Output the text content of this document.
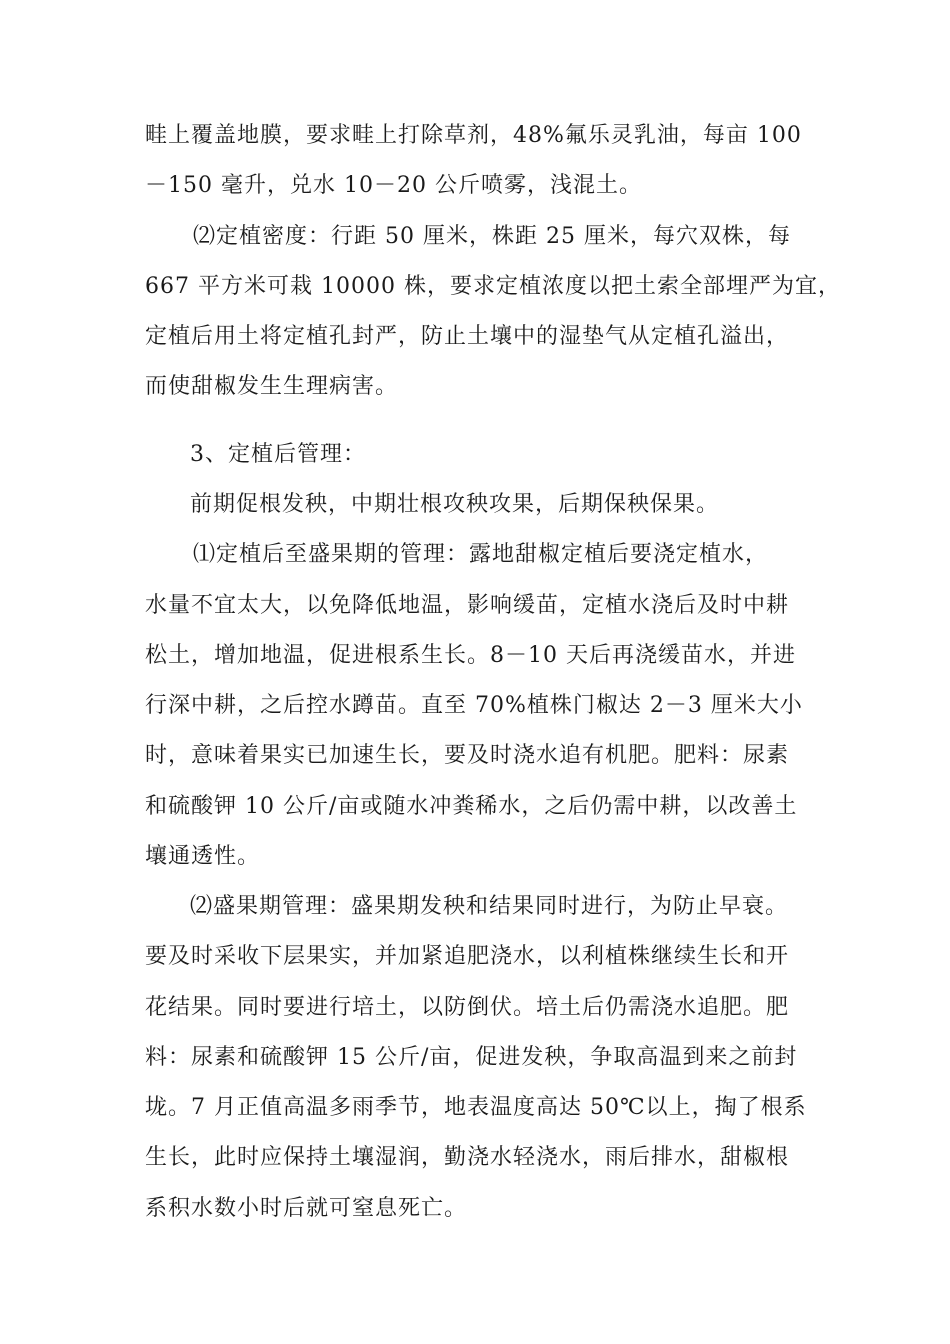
畦上覆盖地膜，要求畦上打除草剂，48%氟乐灵乳油，每亩 100
－150 毫升，兑水 10－20 公斤喷雾，浅混土。
⑵定植密度：行距 50 厘米，株距 25 厘米，每穴双株，每
667 平方米可栽 10000 株，要求定植浓度以把土索全部埋严为宜，
定植后用土将定植孔封严，防止土壤中的湿垫气从定植孔溢出，
而使甜椒发生生理病害。
3、定植后管理：
前期促根发秧，中期壮根攻秧攻果，后期保秧保果。
⑴定植后至盛果期的管理：露地甜椒定植后要浇定植水，
水量不宜太大，以免降低地温，影响缓苗，定植水浇后及时中耕
松土，增加地温，促进根系生长。8－10 天后再浇缓苗水，并进
行深中耕，之后控水蹲苗。直至 70%植株门椒达 2－3 厘米大小
时，意味着果实已加速生长，要及时浇水追有机肥。肥料：尿素
和硫酸钾 10 公斤/亩或随水冲粪稀水，之后仍需中耕，以改善土
壤通透性。
⑵盛果期管理：盛果期发秧和结果同时进行，为防止早衰。
要及时采收下层果实，并加紧追肥浇水，以利植株继续生长和开
花结果。同时要进行培土，以防倒伏。培土后仍需浇水追肥。肥
料：尿素和硫酸钾 15 公斤/亩，促进发秧，争取高温到来之前封
垅。7 月正值高温多雨季节，地表温度高达 50℃以上，掏了根系
生长，此时应保持土壤湿润，勤浇水轻浇水，雨后排水，甜椒根
系积水数小时后就可窒息死亡。
